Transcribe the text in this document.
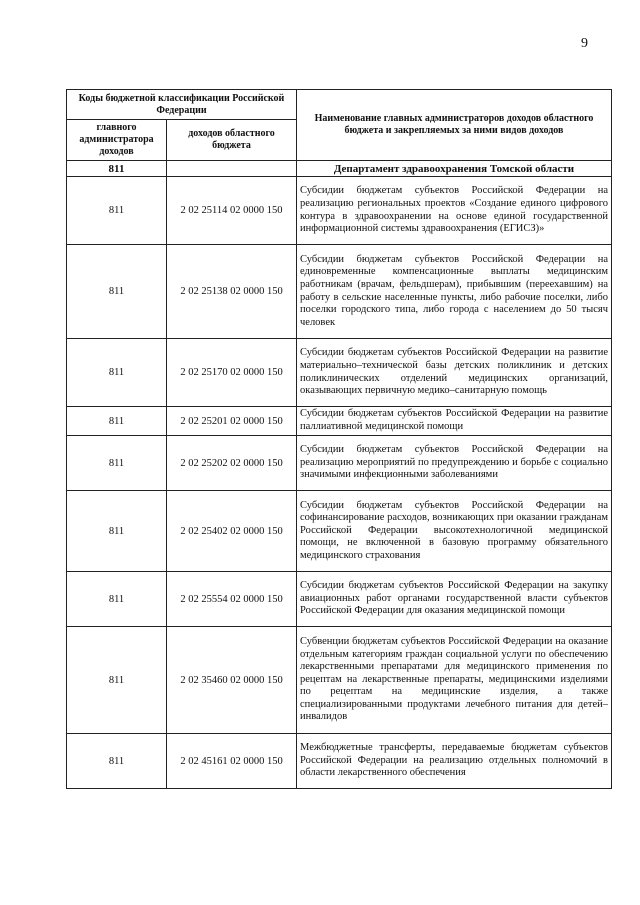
9
Коды бюджетной классификации Российской Федерации		Наименование главных администраторов доходов областного бюджета и закрепляемых за ними видов доходов
главного администратора доходов	доходов областного бюджета	
811		Департамент здравоохранения Томской области
811	2 02 25114 02 0000 150	Субсидии бюджетам субъектов Российской Федерации на реализацию региональных проектов «Создание единого цифрового контура в здравоохранении на основе единой государственной информационной системы здравоохранения (ЕГИСЗ)»
811	2 02 25138 02 0000 150	Субсидии бюджетам субъектов Российской Федерации на единовременные компенсационные выплаты медицинским работникам (врачам, фельдшерам), прибывшим (переехавшим) на работу в сельские населенные пункты, либо рабочие поселки, либо поселки городского типа, либо города с населением до 50 тысяч человек
811	2 02 25170 02 0000 150	Субсидии бюджетам субъектов Российской Федерации на развитие материально–технической базы детских поликлиник и детских поликлинических отделений медицинских организаций, оказывающих первичную медико–санитарную помощь
811	2 02 25201 02 0000 150	Субсидии бюджетам субъектов Российской Федерации на развитие паллиативной медицинской помощи
811	2 02 25202 02 0000 150	Субсидии бюджетам субъектов Российской Федерации на реализацию мероприятий по предупреждению и борьбе с социально значимыми инфекционными заболеваниями
811	2 02 25402 02 0000 150	Субсидии бюджетам субъектов Российской Федерации на софинансирование расходов, возникающих при оказании гражданам Российской Федерации высокотехнологичной медицинской помощи, не включенной в базовую программу обязательного медицинского страхования
811	2 02 25554 02 0000 150	Субсидии бюджетам субъектов Российской Федерации на закупку авиационных работ органами государственной власти субъектов Российской Федерации для оказания медицинской помощи
811	2 02 35460 02 0000 150	Субвенции бюджетам субъектов Российской Федерации на оказание отдельным категориям граждан социальной услуги по обеспечению лекарственными препаратами для медицинского применения по рецептам на лекарственные препараты, медицинскими изделиями по рецептам на медицинские изделия, а также специализированными продуктами лечебного питания для детей–инвалидов
811	2 02 45161 02 0000 150	Межбюджетные трансферты, передаваемые бюджетам субъектов Российской Федерации на реализацию отдельных полномочий в области лекарственного обеспечения
